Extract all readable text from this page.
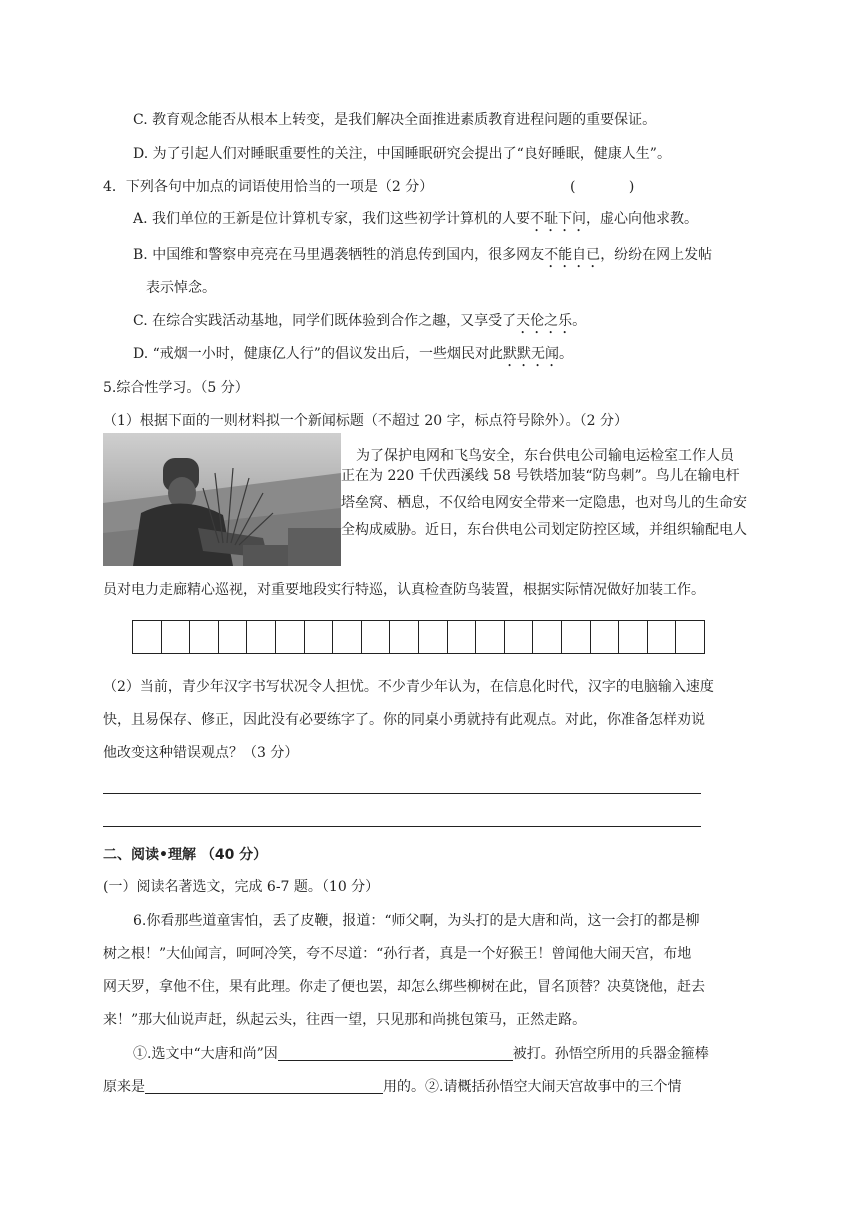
C. 教育观念能否从根本上转变，是我们解决全面推进素质教育进程问题的重要保证。
D. 为了引起人们对睡眠重要性的关注，中国睡眠研究会提出了“良好睡眠，健康人生”。
4．下列各句中加点的词语使用恰当的一项是（2 分）	(            )
A. 我们单位的王新是位计算机专家，我们这些初学计算机的人要不耻下问，虚心向他求教。
B. 中国维和警察申亮亮在马里遇袭牺牲的消息传到国内，很多网友不能自已，纷纷在网上发帖
表示悼念。
C. 在综合实践活动基地，同学们既体验到合作之趣，又享受了天伦之乐。
D. “戒烟一小时，健康亿人行”的倡议发出后，一些烟民对此默默无闻。
5.综合性学习。（5 分）
（1）根据下面的一则材料拟一个新闻标题（不超过 20 字，标点符号除外）。（2 分）
为了保护电网和飞鸟安全，东台供电公司输电运检室工作人员
正在为 220 千伏西溪线 58 号铁塔加装“防鸟刺”。鸟儿在输电杆
塔垒窝、栖息，不仅给电网安全带来一定隐患，也对鸟儿的生命安
全构成威胁。近日，东台供电公司划定防控区域，并组织输配电人
员对电力走廊精心巡视，对重要地段实行特巡，认真检查防鸟装置，根据实际情况做好加装工作。
（2）当前，青少年汉字书写状况令人担忧。不少青少年认为，在信息化时代，汉字的电脑输入速度
快，且易保存、修正，因此没有必要练字了。你的同桌小勇就持有此观点。对此，你准备怎样劝说
他改变这种错误观点？（3 分）
二、阅读•理解 （40 分）
(一）阅读名著选文，完成 6-7 题。（10 分）
6.你看那些道童害怕，丢了皮鞭，报道：“师父啊，为头打的是大唐和尚，这一会打的都是柳
树之根！”大仙闻言，呵呵冷笑，夸不尽道：“孙行者，真是一个好猴王！曾闻他大闹天宫，布地
网天罗，拿他不住，果有此理。你走了便也罢，却怎么绑些柳树在此，冒名顶替？决莫饶他，赶去
来！”那大仙说声赶，纵起云头，往西一望，只见那和尚挑包策马，正然走路。
①.选文中“大唐和尚”因	被打。孙悟空所用的兵器金箍棒
原来是	用的。②.请概括孙悟空大闹天宫故事中的三个情
